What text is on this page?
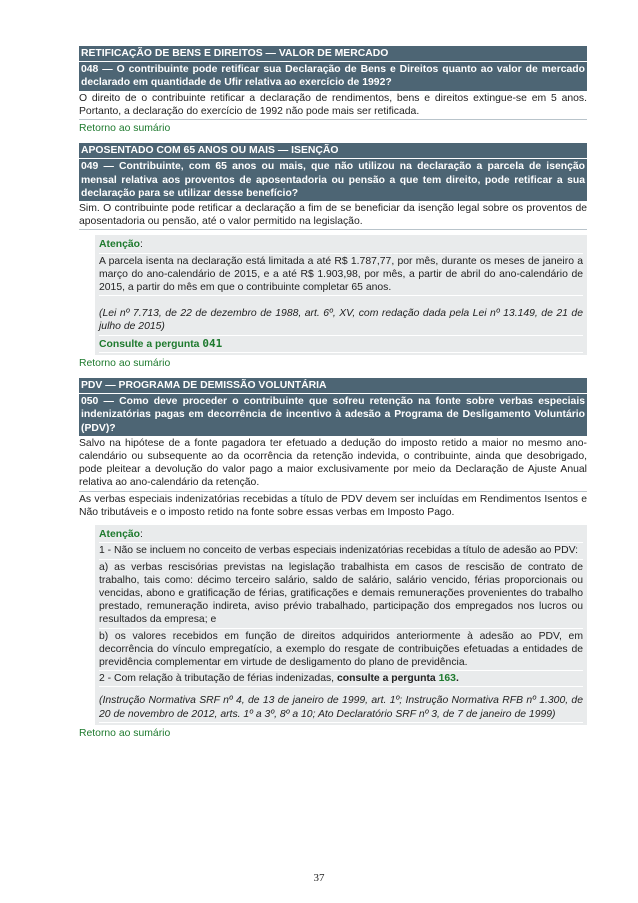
RETIFICAÇÃO DE BENS E DIREITOS — VALOR DE MERCADO
048 — O contribuinte pode retificar sua Declaração de Bens e Direitos quanto ao valor de mercado declarado em quantidade de Ufir relativa ao exercício de 1992?

O direito de o contribuinte retificar a declaração de rendimentos, bens e direitos extingue-se em 5 anos. Portanto, a declaração do exercício de 1992 não pode mais ser retificada.

Retorno ao sumário
APOSENTADO COM 65 ANOS OU MAIS — ISENÇÃO
049 — Contribuinte, com 65 anos ou mais, que não utilizou na declaração a parcela de isenção mensal relativa aos proventos de aposentadoria ou pensão a que tem direito, pode retificar a sua declaração para se utilizar desse benefício?

Sim. O contribuinte pode retificar a declaração a fim de se beneficiar da isenção legal sobre os proventos de aposentadoria ou pensão, até o valor permitido na legislação.

Atenção:
A parcela isenta na declaração está limitada a até R$ 1.787,77, por mês, durante os meses de janeiro a março do ano-calendário de 2015, e a até R$ 1.903,98, por mês, a partir de abril do ano-calendário de 2015, a partir do mês em que o contribuinte completar 65 anos.
(Lei nº 7.713, de 22 de dezembro de 1988, art. 6º, XV, com redação dada pela Lei nº 13.149, de 21 de julho de 2015)
Consulte a pergunta 041
Retorno ao sumário
PDV — PROGRAMA DE DEMISSÃO VOLUNTÁRIA
050 — Como deve proceder o contribuinte que sofreu retenção na fonte sobre verbas especiais indenizatórias pagas em decorrência de incentivo à adesão a Programa de Desligamento Voluntário (PDV)?

Salvo na hipótese de a fonte pagadora ter efetuado a dedução do imposto retido a maior no mesmo ano-calendário ou subsequente ao da ocorrência da retenção indevida, o contribuinte, ainda que desobrigado, pode pleitear a devolução do valor pago a maior exclusivamente por meio da Declaração de Ajuste Anual relativa ao ano-calendário da retenção.

As verbas especiais indenizatórias recebidas a título de PDV devem ser incluídas em Rendimentos Isentos e Não tributáveis e o imposto retido na fonte sobre essas verbas em Imposto Pago.

Atenção:
1 - Não se incluem no conceito de verbas especiais indenizatórias recebidas a título de adesão ao PDV:
a) as verbas rescisórias previstas na legislação trabalhista em casos de rescisão de contrato de trabalho, tais como: décimo terceiro salário, saldo de salário, salário vencido, férias proporcionais ou vencidas, abono e gratificação de férias, gratificações e demais remunerações provenientes do trabalho prestado, remuneração indireta, aviso prévio trabalhado, participação dos empregados nos lucros ou resultados da empresa; e
b) os valores recebidos em função de direitos adquiridos anteriormente à adesão ao PDV, em decorrência do vínculo empregatício, a exemplo do resgate de contribuições efetuadas a entidades de previdência complementar em virtude de desligamento do plano de previdência.
2 - Com relação à tributação de férias indenizadas, consulte a pergunta 163.
(Instrução Normativa SRF nº 4, de 13 de janeiro de 1999, art. 1º; Instrução Normativa RFB nº 1.300, de 20 de novembro de 2012, arts. 1º a 3º, 8º a 10; Ato Declaratório SRF nº 3, de 7 de janeiro de 1999)
Retorno ao sumário
37
